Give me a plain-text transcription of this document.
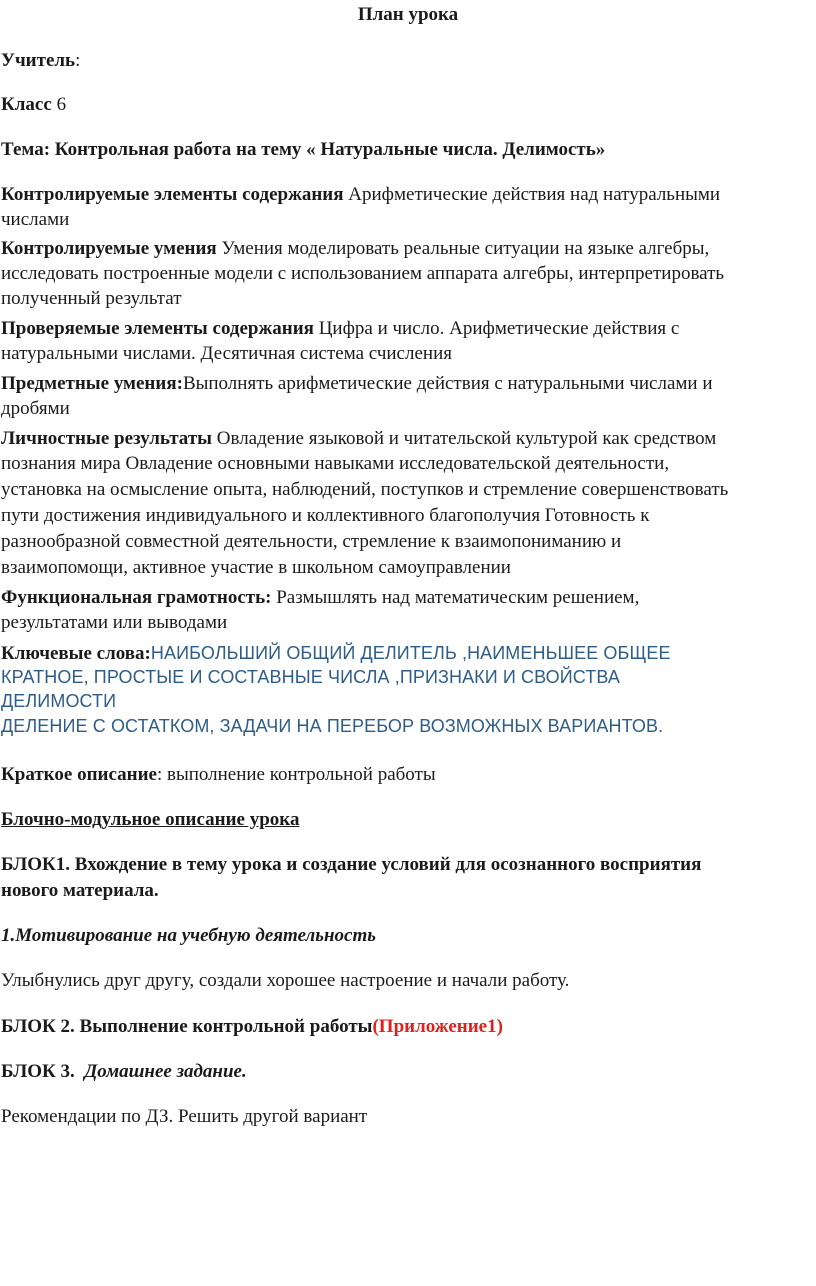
План урока
Учитель:
Класс 6
Тема: Контрольная работа на тему « Натуральные числа. Делимость»
Контролируемые элементы содержания Арифметические действия над натуральными
числами
Контролируемые умения Умения моделировать реальные ситуации на языке алгебры,
исследовать построенные модели с использованием аппарата алгебры, интерпретировать
полученный результат
Проверяемые элементы содержания Цифра и число. Арифметические действия с
натуральными числами. Десятичная система счисления
Предметные умения:Выполнять арифметические действия с натуральными числами и
дробями
Личностные результаты Овладение языковой и читательской культурой как средством
познания мира Овладение основными навыками исследовательской деятельности,
установка на осмысление опыта, наблюдений, поступков и стремление совершенствовать
пути достижения индивидуального и коллективного благополучия Готовность к
разнообразной совместной деятельности, стремление к взаимопониманию и
взаимопомощи, активное участие в школьном самоуправлении
Функциональная грамотность: Размышлять над математическим решением,
результатами или выводами
Ключевые слова:НАИБОЛЬШИЙ ОБЩИЙ ДЕЛИТЕЛЬ ,НАИМЕНЬШЕЕ ОБЩЕЕ
КРАТНОЕ, ПРОСТЫЕ И СОСТАВНЫЕ ЧИСЛА ,ПРИЗНАКИ И СВОЙСТВА
ДЕЛИМОСТИ
ДЕЛЕНИЕ С ОСТАТКОМ, ЗАДАЧИ НА ПЕРЕБОР ВОЗМОЖНЫХ ВАРИАНТОВ.
Краткое описание: выполнение контрольной работы
Блочно-модульное описание урока
БЛОК1. Вхождение в тему урока и создание условий для осознанного восприятия
нового материала.
1.Мотивирование на учебную деятельность
Улыбнулись друг другу, создали хорошее настроение и начали работу.
БЛОК 2. Выполнение контрольной работы(Приложение1)
БЛОК 3.  Домашнее задание.
Рекомендации по ДЗ. Решить другой вариант
